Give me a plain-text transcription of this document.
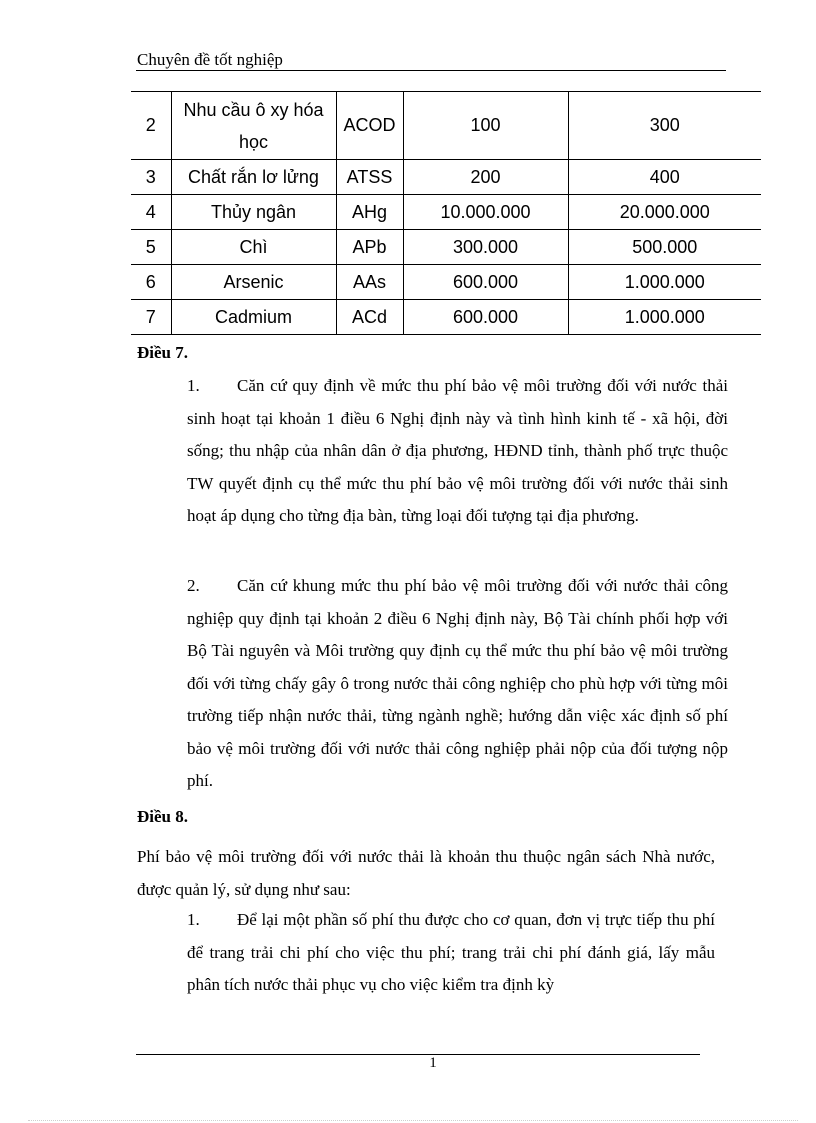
Chuyên đề tốt nghiệp
2	Nhu cầu ô xy hóa học	ACOD	100	300
3	Chất rắn lơ lửng	ATSS	200	400
4	Thủy ngân	AHg	10.000.000	20.000.000
5	Chì	APb	300.000	500.000
6	Arsenic	AAs	600.000	1.000.000
7	Cadmium	ACd	600.000	1.000.000
Điều 7.
1. Căn cứ quy định về mức thu phí bảo vệ môi trường đối với nước thải sinh hoạt tại khoản 1 điều 6 Nghị định này và tình hình kinh tế - xã hội, đời sống; thu nhập của nhân dân ở địa phương, HĐND tỉnh, thành phố trực thuộc TW quyết định cụ thể mức thu phí bảo vệ môi trường đối với nước thải sinh hoạt áp dụng cho từng địa bàn, từng loại đối tượng tại địa phương.
2. Căn cứ khung mức thu phí bảo vệ môi trường đối với nước thải công nghiệp quy định tại khoản 2 điều 6 Nghị định này, Bộ Tài chính phối hợp với Bộ Tài nguyên và Môi trường quy định cụ thể mức thu phí bảo vệ môi trường đối với từng chấy gây ô trong nước thải công nghiệp cho phù hợp với từng môi trường tiếp nhận nước thải, từng ngành nghề; hướng dẫn việc xác định số phí bảo vệ môi trường đối với nước thải công nghiệp phải nộp của đối tượng nộp phí.
Điều 8.
Phí bảo vệ môi trường đối với nước thải là khoản thu thuộc ngân sách Nhà nước, được quản lý, sử dụng như sau:
1. Để lại một phần số phí thu được cho cơ quan, đơn vị trực tiếp thu phí để trang trải chi phí cho việc thu phí; trang trải chi phí đánh giá, lấy mẫu phân tích nước thải phục vụ cho việc kiểm tra định kỳ
1
